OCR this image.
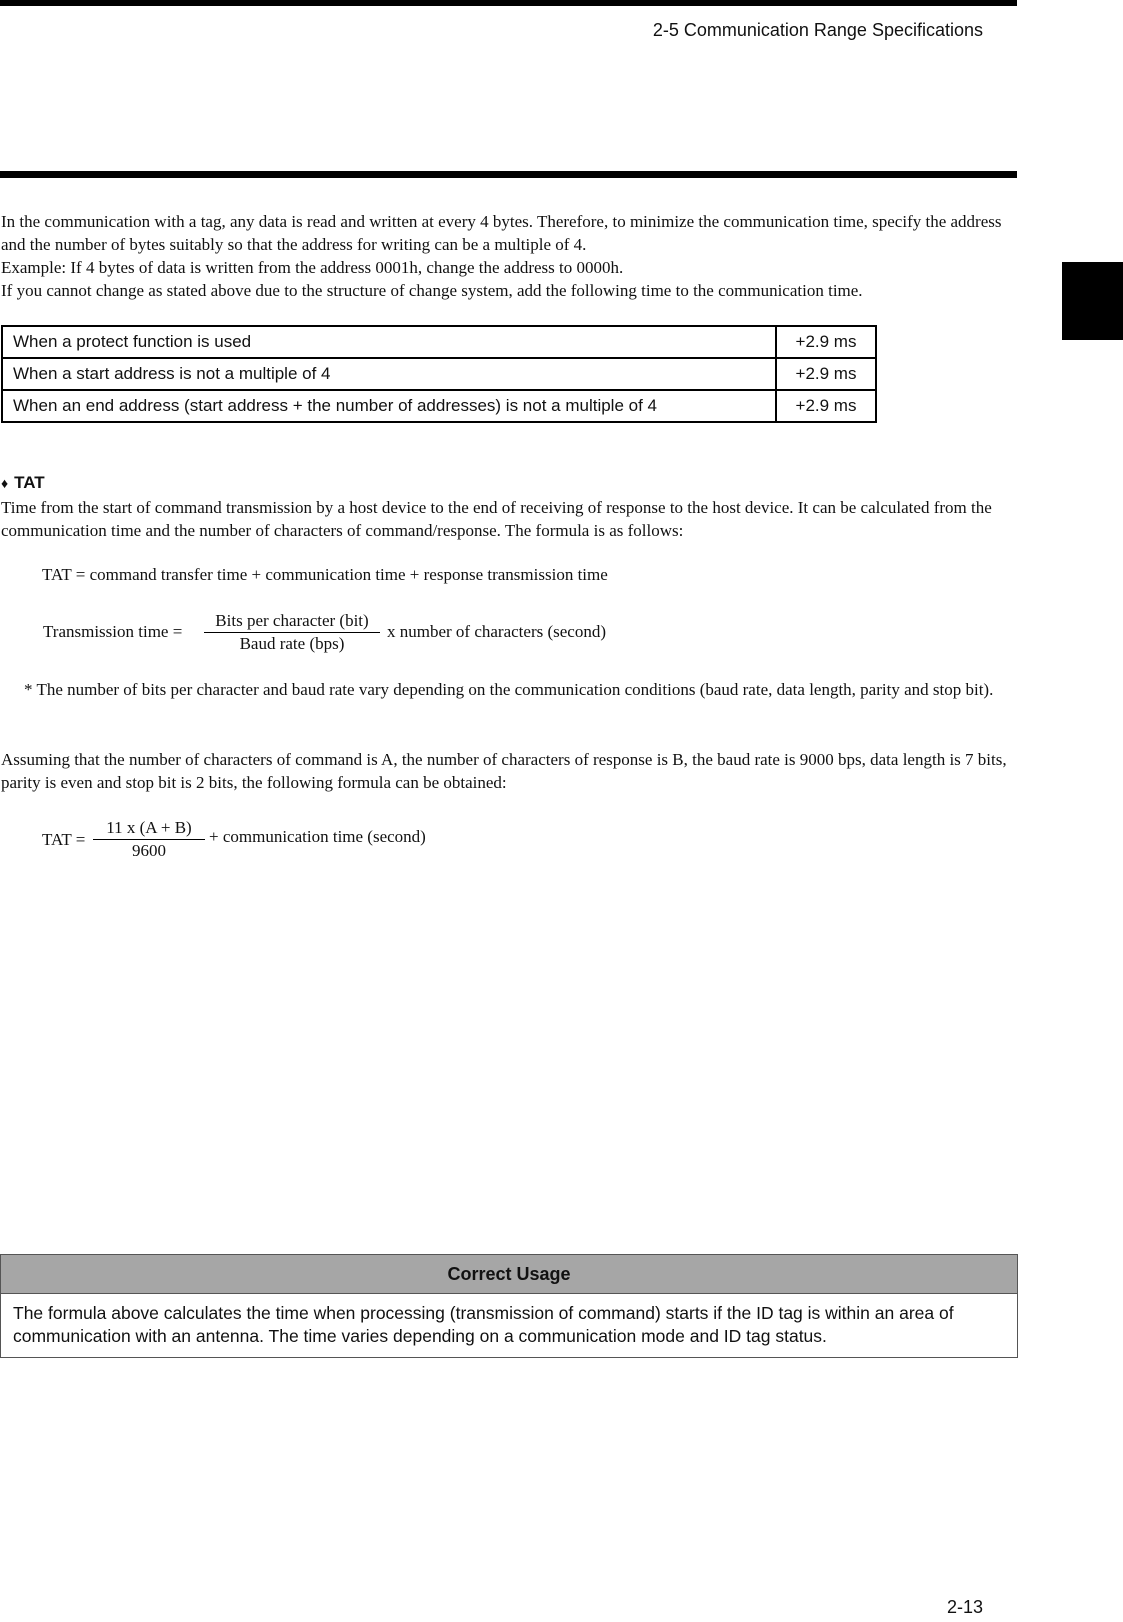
2-5 Communication Range Specifications

In the communication with a tag, any data is read and written at every 4 bytes. Therefore, to minimize the communication time, specify the address and the number of bytes suitably so that the address for writing can be a multiple of 4.

Example: If 4 bytes of data is written from the address 0001h, change the address to 0000h.

If you cannot change as stated above due to the structure of change system, add the following time to the communication time.

When a protect function is used	+2.9 ms
When a start address is not a multiple of 4	+2.9 ms
When an end address (start address + the number of addresses) is not a multiple of 4	+2.9 ms
♦ TAT
Time from the start of command transmission by a host device to the end of receiving of response to the host device. It can be calculated from the communication time and the number of characters of command/response. The formula is as follows:
TAT = command transfer time + communication time + response transmission time
Transmission time =
Bits per character (bit)
Baud rate (bps)
x number of characters (second)
* The number of bits per character and baud rate vary depending on the communication conditions (baud rate, data length, parity and stop bit).
Assuming that the number of characters of command is A, the number of characters of response is B, the baud rate is 9000 bps, data length is 7 bits, parity is even and stop bit is 2 bits, the following formula can be obtained:
TAT = $\frac{11 x (A + B)}{9600}$ + communication time (second)
Correct Usage
The formula above calculates the time when processing (transmission of command) starts if the ID tag is within an area of communication with an antenna. The time varies depending on a communication mode and ID tag status.
2-13
